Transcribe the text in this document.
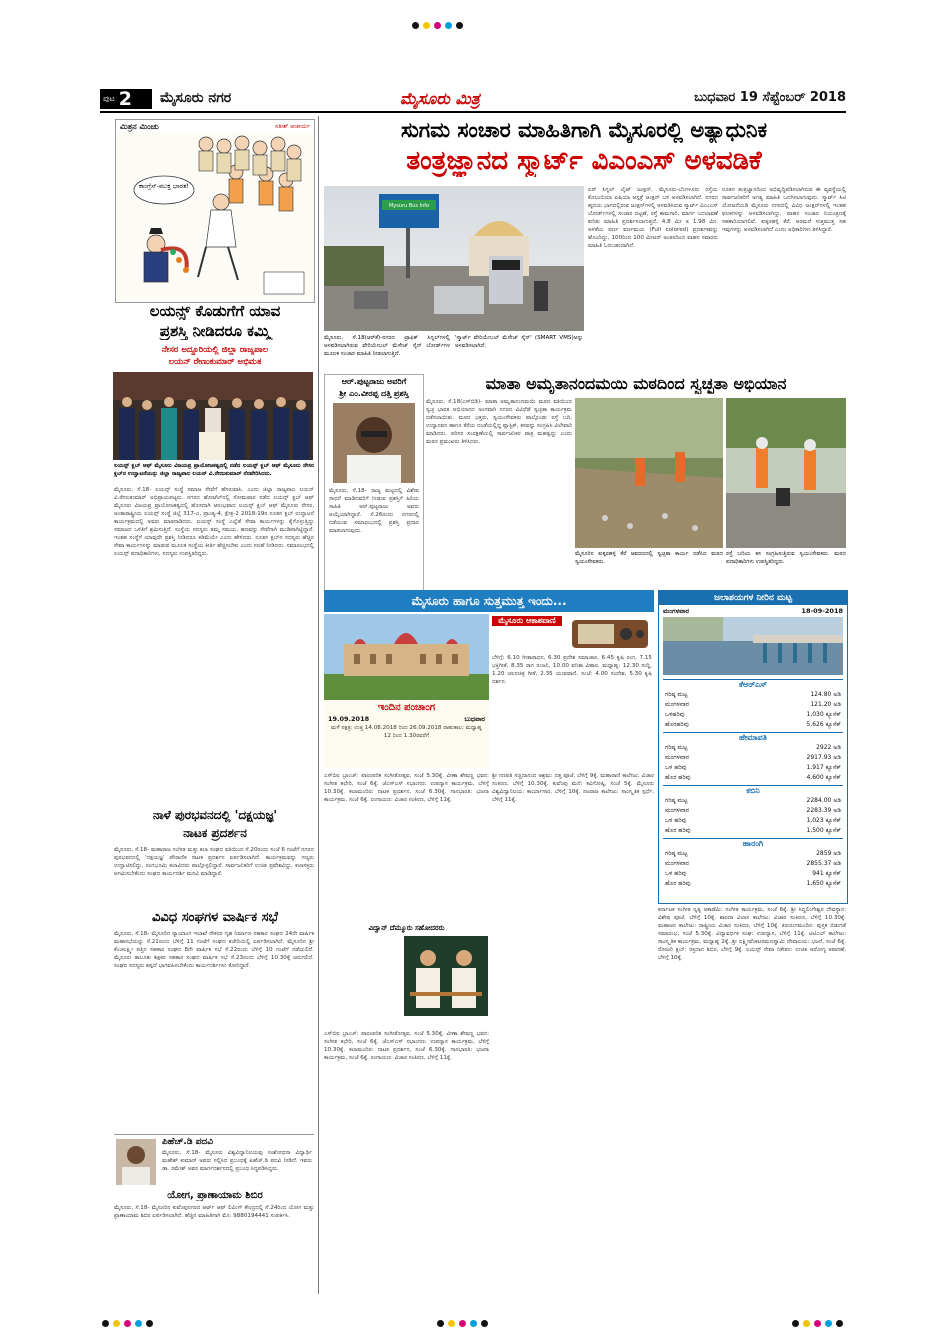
ಪುಟ 2 ಮೈಸೂರು ನಗರ	ಮೈಸೂರು ಮಿತ್ರ	ಬುಧವಾರ 19 ಸೆಪ್ಟೆಂಬರ್ 2018
ಮಿತ್ರನ ಮಿಂಚು	ಸತೀಶ್ ಆಚಾರ್ಯ
ಕಾಂಗ್ರೆಸ್-ಮುಕ್ತ ಭಾರತ!
ಲಯನ್ಸ್ ಕೊಡುಗೆಗೆ ಯಾವ
ಪ್ರಶಸ್ತಿ ನೀಡಿದರೂ ಕಮ್ಮಿ
ನೇಸರ ಅದ್ದೂರಿಯಲ್ಲಿ ಜಿಲ್ಲಾ ರಾಜ್ಯಪಾಲ
ಲಯನ್ ರೇಣುಕುಮಾರ್ ಅಭಿಮತ
ಲಯನ್ಸ್ ಕ್ಲಬ್ ಆಫ್ ಮೈಸೂರು ವಿಜಯಪ್ರ ಪ್ರಾಯೋಜಕತ್ವದಲ್ಲಿ ನಡೆದ ಲಯನ್ಸ್ ಕ್ಲಬ್ ಆಫ್ ಮೈಸೂರು ನೇಸರ ಕ್ಲಬ್‌ನ ಉದ್ಘಾಟನೆಯನ್ನು ಜಿಲ್ಲಾ ರಾಜ್ಯಪಾಲ ಲಯನ್ ವಿ.ರೇಣುಕುಮಾರ್ ನೆರವೇರಿಸಿದರು.
ಮೈಸೂರು, ಸೆ.18- ಲಯನ್ಸ್ ಸಂಸ್ಥೆ ಸಮಾಜ ಸೇವೆಗೆ ಹೆಸರುವಾಸಿ. ಎಂದು ಜಿಲ್ಲಾ ರಾಜ್ಯಪಾಲ ಲಯನ್ ವಿ.ರೇಣುಕುಮಾರ್ ಅಭಿಪ್ರಾಯಪಟ್ಟರು. ನಗರದ ಹೋಟೆಲ್‌ನಲ್ಲಿ ಸೋಮವಾರ ನಡೆದ ಲಯನ್ಸ್ ಕ್ಲಬ್ ಆಫ್ ಮೈಸೂರು ವಿಜಯಪ್ರ ಪ್ರಾಯೋಜಕತ್ವದಲ್ಲಿ ಹೊಸದಾಗಿ ಆರಂಭವಾದ ಲಯನ್ಸ್ ಕ್ಲಬ್ ಆಫ್ ಮೈಸೂರು ನೇಸರ, ಅಂತಾರಾಷ್ಟ್ರೀಯ ಲಯನ್ಸ್ ಸಂಸ್ಥೆ ಜಿಲ್ಲೆ 317-ಎ, ಪ್ರಾಂತ್ಯ-4, ಕ್ಷೇತ್ರ-2 2018-19ರ ನೂತನ ಕ್ಲಬ್ ಉದ್ಘಾಟನೆ ಕಾರ್ಯಕ್ರಮದಲ್ಲಿ ಅವರು ಮಾತನಾಡಿದರು. ಲಯನ್ಸ್ ಸಂಸ್ಥೆ ಎಲ್ಲೆಡೆ ಸೇವಾ ಕಾರ್ಯಗಳನ್ನು ಕೈಗೊಳ್ಳುತ್ತಿದ್ದು ಸಮಾಜದ ಒಳಿತಿಗೆ ಶ್ರಮಿಸುತ್ತಿದೆ. ಸಂಸ್ಥೆಯ ಸದಸ್ಯರು ತಮ್ಮ ಸಮಯ, ಹಣವನ್ನು ಸೇವೆಗಾಗಿ ಮುಡಿಪಾಗಿಟ್ಟಿದ್ದಾರೆ. ಇಂತಹ ಸಂಸ್ಥೆಗೆ ಯಾವುದೇ ಪ್ರಶಸ್ತಿ ನೀಡಿದರೂ ಕಡಿಮೆಯೇ ಎಂದು ಹೇಳಿದರು. ನೂತನ ಕ್ಲಬ್‌ನ ಸದಸ್ಯರು ಹೆಚ್ಚಿನ ಸೇವಾ ಕಾರ್ಯಗಳನ್ನು ಮಾಡುವ ಮೂಲಕ ಸಂಸ್ಥೆಯ ಕೀರ್ತಿ ಹೆಚ್ಚಿಸಬೇಕು ಎಂದು ಸಲಹೆ ನೀಡಿದರು. ಸಮಾರಂಭದಲ್ಲಿ ಲಯನ್ಸ್ ಪದಾಧಿಕಾರಿಗಳು, ಸದಸ್ಯರು ಉಪಸ್ಥಿತರಿದ್ದರು.
ನಾಳೆ ಪುರಭವನದಲ್ಲಿ 'ದಕ್ಷಯಜ್ಞ'
ನಾಟಕ ಪ್ರದರ್ಶನ
ಮೈಸೂರು, ಸೆ.18- ಮಹಾರಾಜ ಸಂಗೀತ ಮತ್ತು ಕಲಾ ಸಂಘದ ವತಿಯಿಂದ ಸೆ.20ರಂದು ಸಂಜೆ 6 ಗಂಟೆಗೆ ನಗರದ ಪುರಭವನದಲ್ಲಿ 'ದಕ್ಷಯಜ್ಞ' ಪೌರಾಣಿಕ ನಾಟಕ ಪ್ರದರ್ಶನ ಏರ್ಪಡಿಸಲಾಗಿದೆ. ಕಾರ್ಯಕ್ರಮವನ್ನು ಗಣ್ಯರು ಉದ್ಘಾಟಿಸಲಿದ್ದು, ರಂಗಭೂಮಿ ಕಲಾವಿದರು ಪಾಲ್ಗೊಳ್ಳಲಿದ್ದಾರೆ. ಸಾರ್ವಜನಿಕರಿಗೆ ಉಚಿತ ಪ್ರವೇಶವಿದ್ದು, ಕಲಾಸಕ್ತರು ಆಗಮಿಸಬೇಕೆಂದು ಸಂಘದ ಕಾರ್ಯದರ್ಶಿ ಮನವಿ ಮಾಡಿದ್ದಾರೆ.
ವಿವಿಧ ಸಂಘಗಳ ವಾರ್ಷಿಕ ಸಭೆ
ಮೈಸೂರು, ಸೆ.18- ಮೈಸೂರಿನ ನ್ಯಾಯಾಂಗ ಇಲಾಖೆ ನೌಕರರ ಗೃಹ ನಿರ್ಮಾಣ ಸಹಕಾರ ಸಂಘದ 24ನೇ ವಾರ್ಷಿಕ ಮಹಾಸಭೆಯನ್ನು ಸೆ.21ರಂದು ಬೆಳಿಗ್ಗೆ 11 ಗಂಟೆಗೆ ಸಂಘದ ಕಚೇರಿಯಲ್ಲಿ ಏರ್ಪಡಿಸಲಾಗಿದೆ. ಮೈಸೂರಿನ ಶ್ರೀ ಕೆಂಚಲಕ್ಷ್ಮೀ ಪತ್ತಿನ ಸಹಕಾರ ಸಂಘದ 8ನೇ ವಾರ್ಷಿಕ ಸಭೆ ಸೆ.22ರಂದು ಬೆಳಿಗ್ಗೆ 10 ಗಂಟೆಗೆ ನಡೆಯಲಿದೆ. ಮೈಸೂರು ತಾಲೂಕು ಶಿಕ್ಷಕರ ಸಹಕಾರ ಸಂಘದ ವಾರ್ಷಿಕ ಸಭೆ ಸೆ.23ರಂದು ಬೆಳಿಗ್ಗೆ 10.30ಕ್ಕೆ ಜರುಗಲಿದೆ. ಸಂಘದ ಸದಸ್ಯರು ತಪ್ಪದೆ ಭಾಗವಹಿಸಬೇಕೆಂದು ಕಾರ್ಯದರ್ಶಿಗಳು ಕೋರಿದ್ದಾರೆ.
ಪಿಹೆಚ್.ಡಿ ಪದವಿ
ಮೈಸೂರು, ಸೆ.18- ಮೈಸೂರು ವಿಶ್ವವಿದ್ಯಾನಿಲಯವು ಸಂಶೋಧನಾ ವಿದ್ಯಾರ್ಥಿ ಮಹೇಶ್ ಕುಮಾರ್ ಅವರು ಸಲ್ಲಿಸಿದ ಪ್ರಬಂಧಕ್ಕೆ ಪಿಹೆಚ್.ಡಿ ಪದವಿ ನೀಡಿದೆ. ಇವರು ಡಾ. ರಮೇಶ್ ಅವರ ಮಾರ್ಗದರ್ಶನದಲ್ಲಿ ಪ್ರಬಂಧ ಸಿದ್ಧಪಡಿಸಿದ್ದರು.
ಯೋಗ, ಪ್ರಾಣಾಯಾಮ ಶಿಬಿರ
ಮೈಸೂರು, ಸೆ.18- ಮೈಸೂರಿನ ಕುವೆಂಪುನಗರದ ಆರ್ಟ್ ಆಫ್ ಲಿವಿಂಗ್ ಕೇಂದ್ರದಲ್ಲಿ ಸೆ.24ರಿಂದ ಯೋಗ ಮತ್ತು ಪ್ರಾಣಾಯಾಮ ಶಿಬಿರ ಏರ್ಪಡಿಸಲಾಗಿದೆ. ಹೆಚ್ಚಿನ ಮಾಹಿತಿಗಾಗಿ ಮೊ: 9880194441 ಸಂಪರ್ಕಿಸಿ.
ಸುಗಮ ಸಂಚಾರ ಮಾಹಿತಿಗಾಗಿ ಮೈಸೂರಲ್ಲಿ ಅತ್ಯಾಧುನಿಕ
ತಂತ್ರಜ್ಞಾನದ ಸ್ಮಾರ್ಟ್ ವಿಎಂಎಸ್ ಅಳವಡಿಕೆ
Mysuru Bus Info
ಮೈಸೂರು, ಸೆ.18(ಆರ್‌ಕೆ)-ನಗರದ ಟ್ರಾಫಿಕ್ ಸಿಗ್ನಲ್‌ಗಳಲ್ಲಿ ಅಳವಡಿಸಲಾಗಿರುವ ವೇರಿಯೇಬಲ್ ಮೆಸೇಜ್ ಸೈನ್ ಬೋರ್ಡ್‌ಗಳ ಮೂಲಕ ಸಂಚಾರ ಮಾಹಿತಿ ನೀಡಲಾಗುತ್ತಿದೆ.
'ಸ್ಮಾರ್ಟ್ ವೇರಿಯೇಬಲ್ ಮೆಸೇಜ್ ಸೈನ್' (SMART VMS)ಅನ್ನು ಅಳವಡಿಸಲಾಗಿದೆ.
ಏರ್ ಸಿಗ್ನಲ್ ಲೈಟ್ ಜಂಕ್ಷನ್, ಮೈಸೂರು-ಬೆಂಗಳೂರು ರಸ್ತೆಯ ಕೊಲಂಬಿಯಾ ಏಷಿಯಾ ಆಸ್ಪತ್ರೆ ಜಂಕ್ಷನ್ ಬಳಿ ಅಳವಡಿಸಲಾಗಿದೆ. ನಗರದ ಹೃದಯ ಭಾಗದಲ್ಲಿರುವ ಜಂಕ್ಷನ್‌ಗಳಲ್ಲಿ ಅಳವಡಿಸಿರುವ ಸ್ಮಾರ್ಟ್ ವಿಎಂಎಸ್ ಬೋರ್ಡ್‌ಗಳಲ್ಲಿ ಸಂಚಾರ ದಟ್ಟಣೆ, ರಸ್ತೆ ಕಾಮಗಾರಿ, ಮಾರ್ಗ ಬದಲಾವಣೆ ಕುರಿತು ಮಾಹಿತಿ ಪ್ರದರ್ಶಿಸಲಾಗುತ್ತದೆ. 4.8 ಮೀ x 1.98 ಮೀ. ಅಳತೆಯ ಪರ್ಣ ವರ್ಣಮಯ (Full colored) ಪ್ರದರ್ಶಕವನ್ನು ಹೊಂದಿದ್ದು, 100ರಿಂದ 100 ಮೀಟರ್ ಅಂತರದಿಂದ ವಾಹನ ಸವಾರರು ಮಾಹಿತಿ ಓದಬಹುದಾಗಿದೆ.
ನೂತನ ತಂತ್ರಜ್ಞಾನದಿಂದ ಅಭಿವೃದ್ಧಿಪಡಿಸಲಾಗಿರುವ ಈ ವ್ಯವಸ್ಥೆಯಲ್ಲಿ ಸಾರ್ವಜನಿಕರಿಗೆ ಅಗತ್ಯ ಮಾಹಿತಿ ಒದಗಿಸಲಾಗುವುದು. ಸ್ಮಾರ್ಟ್ ಸಿಟಿ ಯೋಜನೆಯಡಿ ಮೈಸೂರು ನಗರದಲ್ಲಿ ವಿವಿಧ ಜಂಕ್ಷನ್‌ಗಳಲ್ಲಿ ಇಂತಹ ಫಲಕಗಳನ್ನು ಅಳವಡಿಸಲಾಗಿದ್ದು, ವಾಹನ ಸಂಚಾರ ನಿಯಂತ್ರಣಕ್ಕೆ ಸಹಕಾರಿಯಾಗಲಿವೆ. ಕುಕ್ಕರಹಳ್ಳಿ ಕೆರೆ, ಅರಮನೆ ಸುತ್ತಮುತ್ತ ಸಹ ಇವುಗಳನ್ನು ಅಳವಡಿಸಲಾಗಿದೆ ಎಂದು ಅಧಿಕಾರಿಗಳು ತಿಳಿಸಿದ್ದಾರೆ.
ಆರ್.ಪುಟ್ಟರಾಜು ಅವರಿಗೆ
ಶ್ರೀ ಎಂ.ವೀರಪ್ಪ ದತ್ತಿ ಪ್ರಶಸ್ತಿ
ಮೈಸೂರು, ಸೆ.18- ರಾಜ್ಯ ಮಟ್ಟದಲ್ಲಿ ವಿಶೇಷ ಸಾಧನೆ ಮಾಡಿದವರಿಗೆ ನೀಡುವ ಪ್ರಶಸ್ತಿಗೆ ಹಿರಿಯ ಸಾಹಿತಿ ಆರ್.ಪುಟ್ಟರಾಜು ಅವರು ಆಯ್ಕೆಯಾಗಿದ್ದಾರೆ. ಸೆ.26ರಂದು ನಗರದಲ್ಲಿ ನಡೆಯುವ ಸಮಾರಂಭದಲ್ಲಿ ಪ್ರಶಸ್ತಿ ಪ್ರದಾನ ಮಾಡಲಾಗುವುದು.
ಮಾತಾ ಅಮೃತಾನಂದಮಯಿ ಮಠದಿಂದ ಸ್ವಚ್ಛತಾ ಅಭಿಯಾನ
ಮೈಸೂರು, ಸೆ.18(ಎಸ್‌ಬಿಡಿ)- ಮಾತಾ ಅಮೃತಾನಂದಮಯಿ ಮಠದ ವತಿಯಿಂದ ಸ್ವಚ್ಛ ಭಾರತ ಅಭಿಯಾನದ ಅಂಗವಾಗಿ ನಗರದ ವಿವಿಧೆಡೆ ಸ್ವಚ್ಛತಾ ಕಾರ್ಯಕ್ರಮ ನಡೆಸಲಾಯಿತು. ಮಠದ ಭಕ್ತರು, ಸ್ವಯಂಸೇವಕರು ಪಾಲ್ಗೊಂಡು ರಸ್ತೆ ಬದಿ, ಉದ್ಯಾನವನ ಹಾಗೂ ಕೆರೆಯ ದಂಡೆಯಲ್ಲಿದ್ದ ಪ್ಲಾಸ್ಟಿಕ್, ಕಸವನ್ನು ಸಂಗ್ರಹಿಸಿ ವಿಲೇವಾರಿ ಮಾಡಿದರು. ಪರಿಸರ ಸಂರಕ್ಷಣೆಯಲ್ಲಿ ಸಾರ್ವಜನಿಕರ ಪಾತ್ರ ಮಹತ್ವದ್ದು ಎಂದು ಮಠದ ಪ್ರಮುಖರು ತಿಳಿಸಿದರು.
ಮೈಸೂರಿನ ಕುಕ್ಕರಹಳ್ಳಿ ಕೆರೆ ಆವರಣದಲ್ಲಿ ಸ್ವಚ್ಛತಾ ಕಾರ್ಯ ನಡೆಸಿದ ಮಠದ ಸ್ವಯಂಸೇವಕರು.
ರಸ್ತೆ ಬದಿಯ ಕಸ ಸಂಗ್ರಹಿಸುತ್ತಿರುವ ಸ್ವಯಂಸೇವಕರು. ಮಠದ ಪದಾಧಿಕಾರಿಗಳು ಉಪಸ್ಥಿತರಿದ್ದರು.
ಮೈಸೂರು ಹಾಗೂ ಸುತ್ತಮುತ್ತ ಇಂದು...
ಇಂದಿನ ಪಂಚಾಂಗ
19.09.2018	ಬುಧವಾರ
ಮಳೆ ನಕ್ಷತ್ರ: ಉತ್ತ 14.08.2018 ರಿಂದ 26.09.2018 ರಾಹುಕಾಲ: ಮಧ್ಯಾಹ್ನ 12 ರಿಂದ 1.30ರವರೆಗೆ
ಮೈಸೂರು ಆಕಾಶವಾಣಿ
ಬೆಳಿಗ್ಗೆ: 6.10 ಗೀತಾರಾಧನ, 6.30 ಪ್ರದೇಶ ಸಮಾಚಾರ, 6.45 ಕೃಷಿ ರಂಗ, 7.15 ಭಕ್ತಿಗೀತೆ, 8.35 ರಾಗ ರಂಜನಿ, 10.00 ವನಿತಾ ವಿಹಾರ. ಮಧ್ಯಾಹ್ನ: 12.30 ಸುದ್ದಿ, 1.20 ಚಲನಚಿತ್ರ ಗೀತೆ, 2.35 ಯುವವಾಣಿ. ಸಂಜೆ: 4.00 ಸಂದೇಶ, 5.30 ಕೃಷಿ ದರ್ಶನ.
ಎಸ್‌ಬಿಐ ಬ್ರಾಂಚ್: ಪಾರಂಪರಿಕ ಸಂಗೀತೋತ್ಸವ, ಸಂಜೆ 5.30ಕ್ಕೆ. ವೀಣಾ ಶೇಷಣ್ಣ ಭವನ: ಸಂಗೀತ ಕಛೇರಿ, ಸಂಜೆ 6ಕ್ಕೆ. ಜೆಎಸ್‌ಎಸ್ ಸಭಾಂಗಣ: ಉಪನ್ಯಾಸ ಕಾರ್ಯಕ್ರಮ, ಬೆಳಿಗ್ಗೆ 10.30ಕ್ಕೆ. ಕಲಾಮಂದಿರ: ನಾಟಕ ಪ್ರದರ್ಶನ, ಸಂಜೆ 6.30ಕ್ಕೆ. ಗಾನಭಾರತಿ: ಭಜನಾ ಕಾರ್ಯಕ್ರಮ, ಸಂಜೆ 6ಕ್ಕೆ. ರಂಗಾಯಣ: ವಿಚಾರ ಸಂಕಿರಣ, ಬೆಳಿಗ್ಗೆ 11ಕ್ಕೆ.
ವಿದ್ವಾನ್ ದೆಮ್ಮೂರು ಸಹೋದರರು
ಶ್ರೀ ಗಣಪತಿ ಸಚ್ಚಿದಾನಂದ ಆಶ್ರಮ: ದತ್ತ ಪೂಜೆ, ಬೆಳಿಗ್ಗೆ 9ಕ್ಕೆ. ಮಹಾರಾಣಿ ಕಾಲೇಜು: ವಿಚಾರ ಸಂಕಿರಣ, ಬೆಳಿಗ್ಗೆ 10.30ಕ್ಕೆ. ಕುವೆಂಪು ಮನೆ: ಕವಿಗೋಷ್ಠಿ, ಸಂಜೆ 5ಕ್ಕೆ. ಮೈಸೂರು ವಿಶ್ವವಿದ್ಯಾನಿಲಯ: ಕಾರ್ಯಾಗಾರ, ಬೆಳಿಗ್ಗೆ 10ಕ್ಕೆ. ನಟರಾಜ ಕಾಲೇಜು: ಸಾಂಸ್ಕೃತಿಕ ಸ್ಪರ್ಧೆ, ಬೆಳಿಗ್ಗೆ 11ಕ್ಕೆ.
ಎಸ್‌ಬಿಐ ಬ್ರಾಂಚ್: ಪಾರಂಪರಿಕ ಸಂಗೀತೋತ್ಸವ, ಸಂಜೆ 5.30ಕ್ಕೆ. ವೀಣಾ ಶೇಷಣ್ಣ ಭವನ: ಸಂಗೀತ ಕಛೇರಿ, ಸಂಜೆ 6ಕ್ಕೆ. ಜೆಎಸ್‌ಎಸ್ ಸಭಾಂಗಣ: ಉಪನ್ಯಾಸ ಕಾರ್ಯಕ್ರಮ, ಬೆಳಿಗ್ಗೆ 10.30ಕ್ಕೆ. ಕಲಾಮಂದಿರ: ನಾಟಕ ಪ್ರದರ್ಶನ, ಸಂಜೆ 6.30ಕ್ಕೆ. ಗಾನಭಾರತಿ: ಭಜನಾ ಕಾರ್ಯಕ್ರಮ, ಸಂಜೆ 6ಕ್ಕೆ. ರಂಗಾಯಣ: ವಿಚಾರ ಸಂಕಿರಣ, ಬೆಳಿಗ್ಗೆ 11ಕ್ಕೆ.
ಜಲಾಶಯಗಳ ನೀರಿನ ಮಟ್ಟ
ಮಂಗಳವಾರ	18-09-2018
ಕೆಆರ್‌ಎಸ್
ಗರಿಷ್ಠ ಮಟ್ಟ	124.80 ಅಡಿ
ಮಂಗಳವಾರ	121.20 ಅಡಿ
ಒಳಹರಿವು	1,030 ಕ್ಯೂಸೆಕ್
ಹೊರಹರಿವು	5,626 ಕ್ಯೂಸೆಕ್
ಹೇಮಾವತಿ
ಗರಿಷ್ಠ ಮಟ್ಟ	2922 ಅಡಿ
ಮಂಗಳವಾರ	2917.93 ಅಡಿ
ಒಳ ಹರಿವು	1,917 ಕ್ಯೂಸೆಕ್
ಹೊರ ಹರಿವು	4,600 ಕ್ಯೂಸೆಕ್
ಕಬಿನಿ
ಗರಿಷ್ಠ ಮಟ್ಟ	2284.00 ಅಡಿ
ಮಂಗಳವಾರ	2283.39 ಅಡಿ
ಒಳ ಹರಿವು	1,023 ಕ್ಯೂಸೆಕ್
ಹೊರ ಹರಿವು	1,500 ಕ್ಯೂಸೆಕ್
ಹಾರಂಗಿ
ಗರಿಷ್ಠ ಮಟ್ಟ	2859 ಅಡಿ
ಮಂಗಳವಾರ	2855.37 ಅಡಿ
ಒಳ ಹರಿವು	941 ಕ್ಯೂಸೆಕ್
ಹೊರ ಹರಿವು	1,650 ಕ್ಯೂಸೆಕ್
ಕರ್ನಾಟಕ ಸಂಗೀತ ನೃತ್ಯ ಅಕಾಡೆಮಿ: ಸಂಗೀತ ಕಾರ್ಯಕ್ರಮ, ಸಂಜೆ 6ಕ್ಕೆ. ಶ್ರೀ ಸಿದ್ಧಲಿಂಗೇಶ್ವರ ದೇವಸ್ಥಾನ: ವಿಶೇಷ ಪೂಜೆ, ಬೆಳಿಗ್ಗೆ 10ಕ್ಕೆ. ಶಾರದಾ ವಿಲಾಸ ಕಾಲೇಜು: ವಿಚಾರ ಸಂಕಿರಣ, ಬೆಳಿಗ್ಗೆ 10.30ಕ್ಕೆ. ಮಹಾಜನ ಕಾಲೇಜು: ರಾಷ್ಟ್ರೀಯ ವಿಚಾರ ಸಂಕಿರಣ, ಬೆಳಿಗ್ಗೆ 10ಕ್ಕೆ. ಕಿರುರಂಗಮಂದಿರ: ಪುಸ್ತಕ ಬಿಡುಗಡೆ ಸಮಾರಂಭ, ಸಂಜೆ 5.30ಕ್ಕೆ. ವಿದ್ಯಾವರ್ಧಕ ಸಂಘ: ಉಪನ್ಯಾಸ, ಬೆಳಿಗ್ಗೆ 11ಕ್ಕೆ. ಟಿಟಿಎಲ್ ಕಾಲೇಜು: ಸಾಂಸ್ಕೃತಿಕ ಕಾರ್ಯಕ್ರಮ, ಮಧ್ಯಾಹ್ನ 2ಕ್ಕೆ. ಶ್ರೀ ಲಕ್ಷ್ಮೀವೆಂಕಟರಮಣಸ್ವಾಮಿ ದೇವಾಲಯ: ಭಜನೆ, ಸಂಜೆ 6ಕ್ಕೆ. ರೋಟರಿ ಕ್ಲಬ್: ರಕ್ತದಾನ ಶಿಬಿರ, ಬೆಳಿಗ್ಗೆ 9ಕ್ಕೆ. ಲಯನ್ಸ್ ಸೇವಾ ನಿಕೇತನ: ಉಚಿತ ಆರೋಗ್ಯ ತಪಾಸಣೆ, ಬೆಳಿಗ್ಗೆ 10ಕ್ಕೆ.
